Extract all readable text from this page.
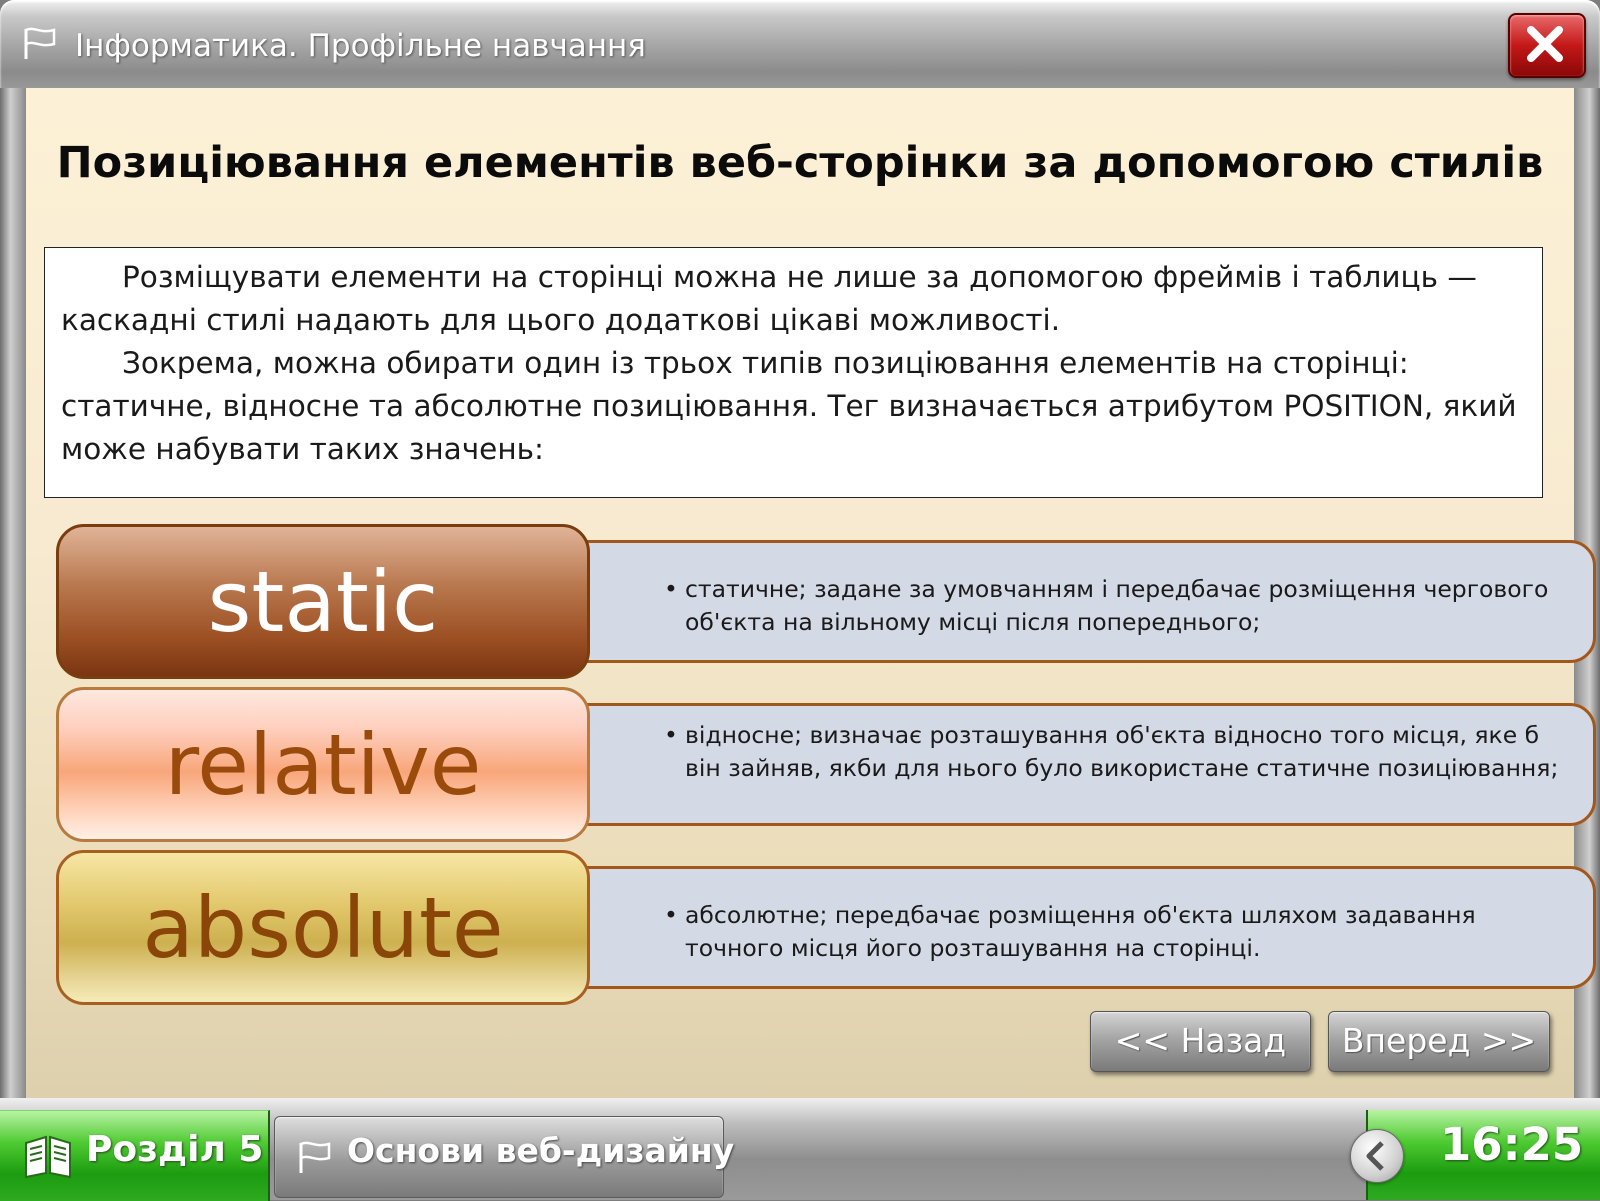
Інформатика. Профільне навчання
Позиціювання елементів веб-сторінки за допомогою стилів

Розміщувати елементи на сторінці можна не лише за допомогою фреймів і таблиць — каскадні стилі надають для цього додаткові цікаві можливості.

Зокрема, можна обирати один із трьох типів позиціювання елементів на сторінці: статичне, відносне та абсолютне позиціювання. Тег визначається атрибутом POSITION, який може набувати таких значень:

static	• статичне; задане за умовчанням і передбачає розміщення чергового об'єкта на вільному місці після попереднього;
relative	• відносне; визначає розташування об'єкта відносно того місця, яке б він зайняв, якби для нього було використане статичне позиціювання;
absolute	• абсолютне; передбачає розміщення об'єкта шляхом задавання точного місця його розташування на сторінці.
<< Назад	Вперед >>
Розділ 5	Основи веб-дизайну	16:25
